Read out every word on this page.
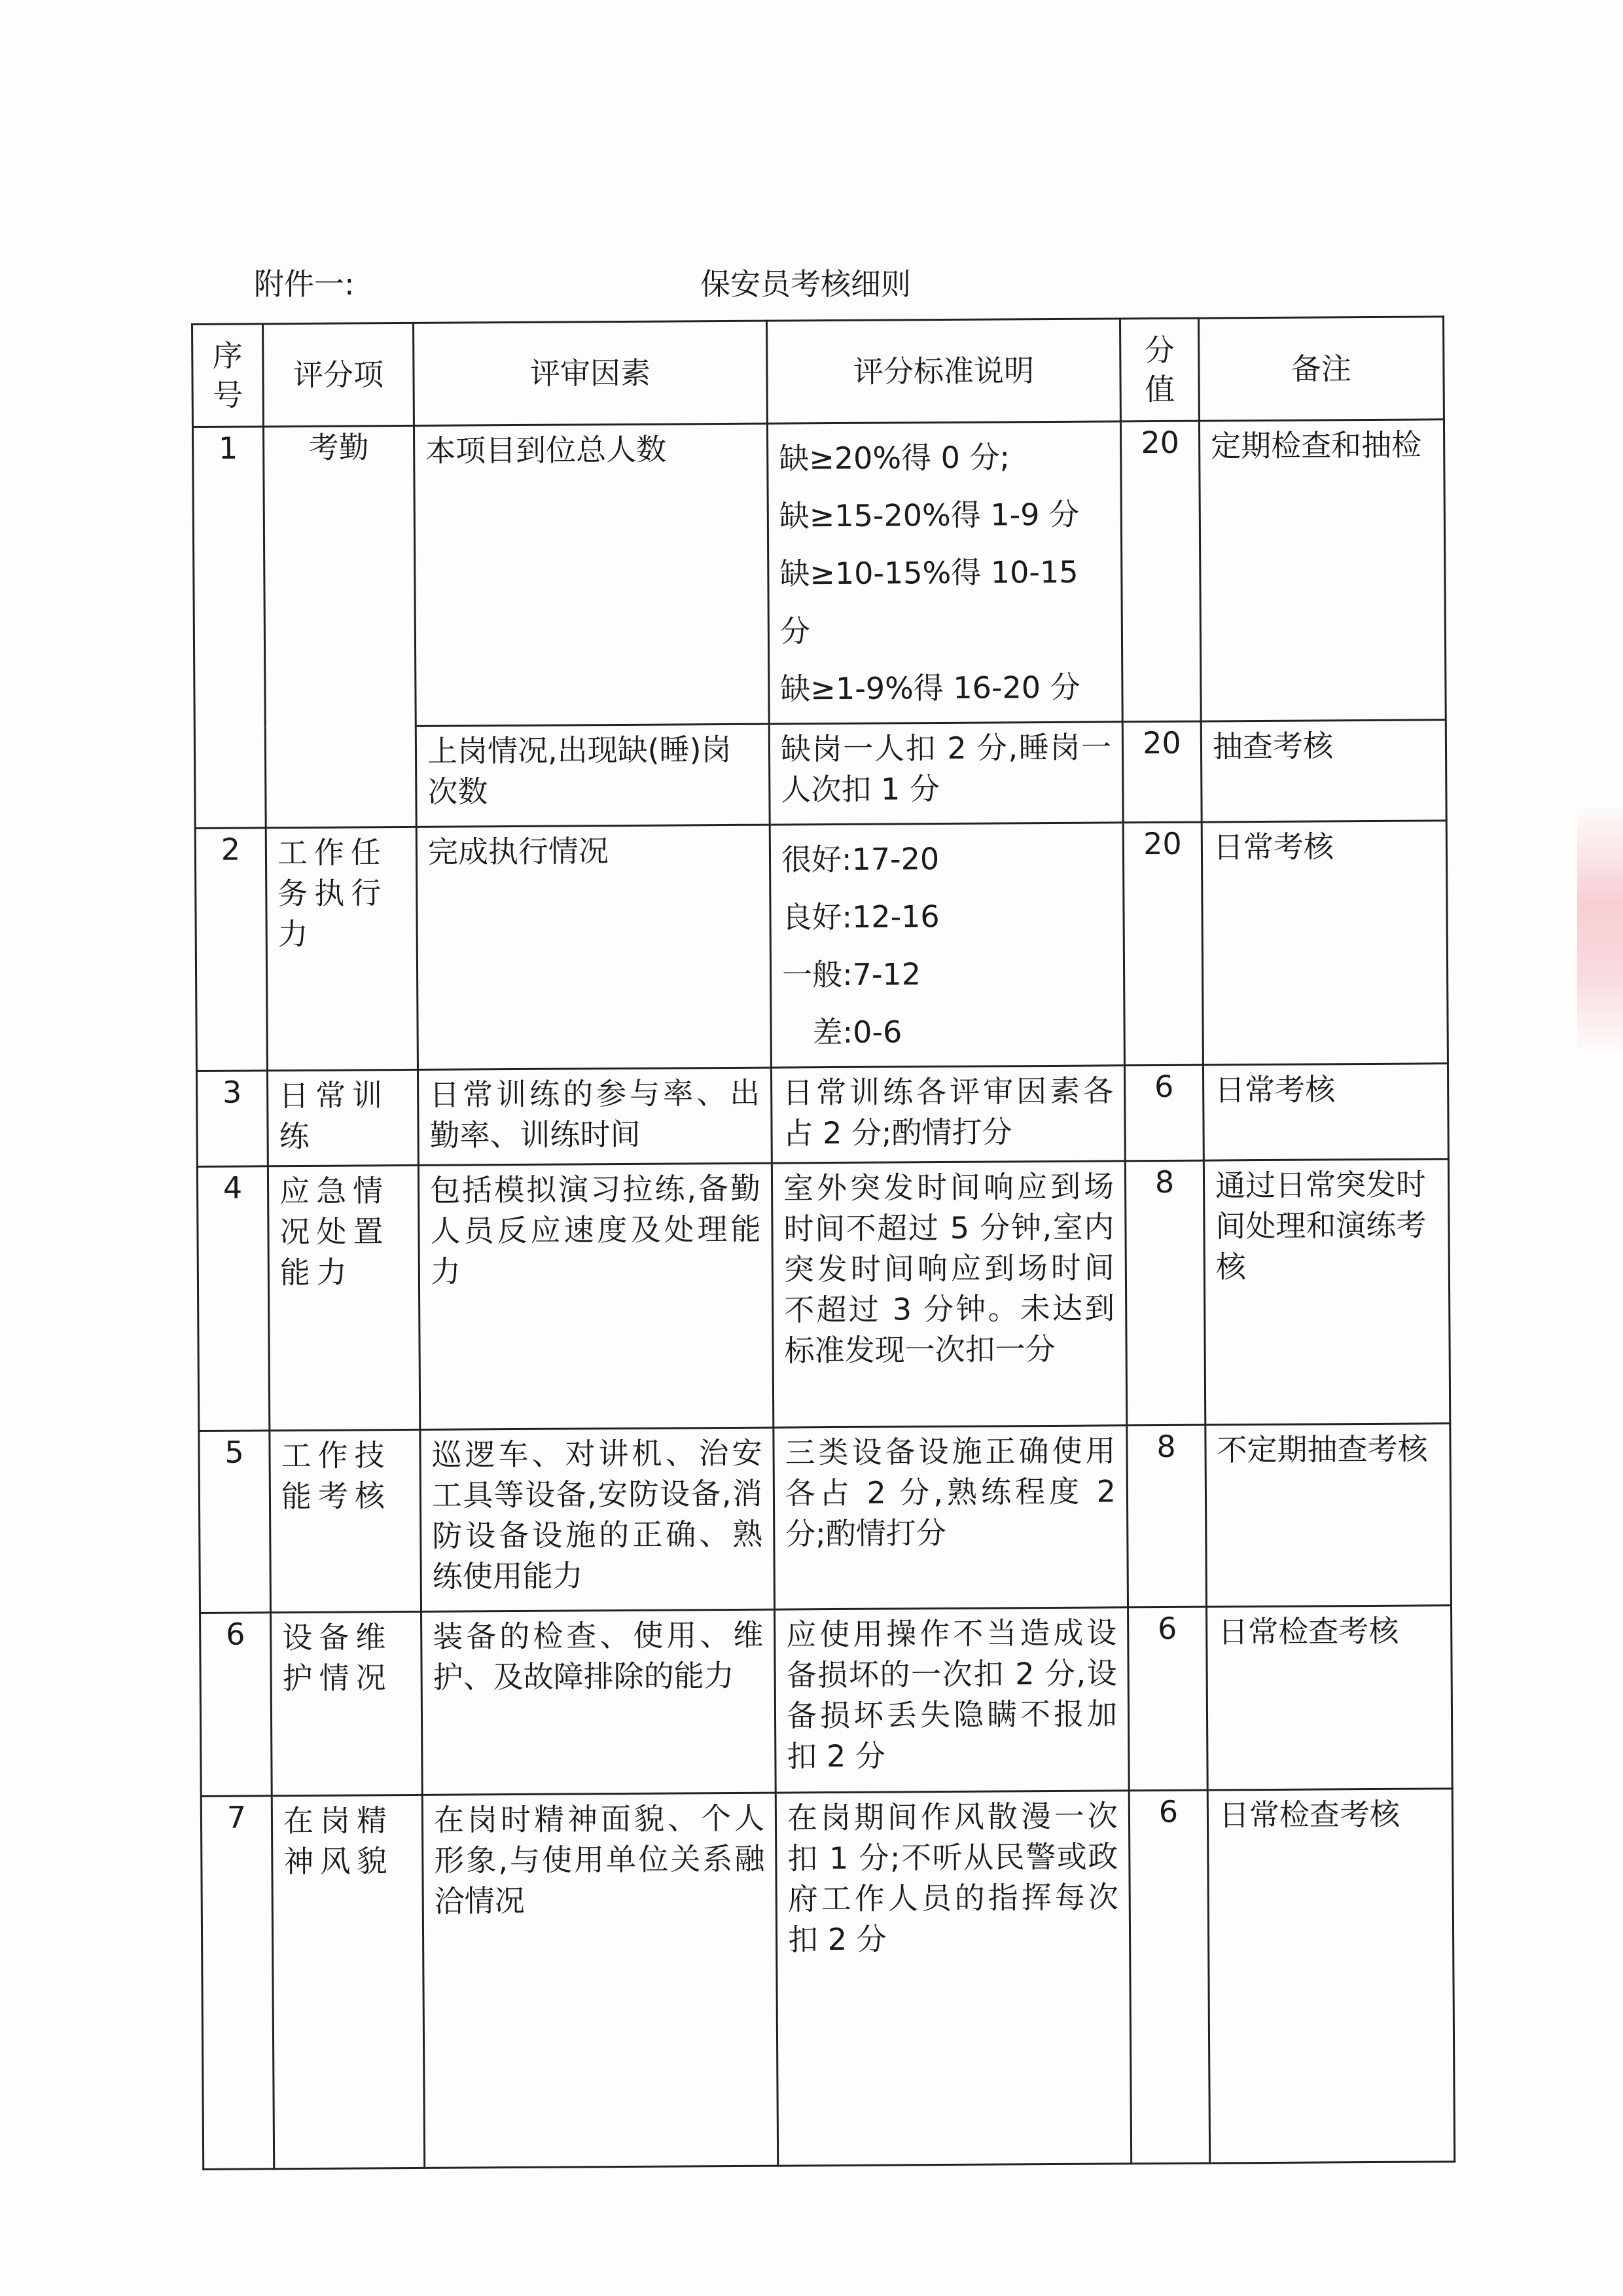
附件一:	保安员考核细则
序号	评分项	评审因素	评分标准说明	分值	备注
1	考勤	本项目到位总人数	缺≥20%得 0 分;
缺≥15-20%得 1-9 分
缺≥10-15%得 10-15 分
缺≥1-9%得 16-20 分	20	定期检查和抽检

		上岗情况,出现缺(睡)岗次数	缺岗一人扣 2 分,睡岗一人次扣 1 分	20	抽查考核

2	工作任务执行力	完成执行情况	很好:17-20
良好:12-16
一般:7-12
差:0-6	20	日常考核

3	日常训练	日常训练的参与率、出勤率、训练时间	日常训练各评审因素各占 2 分;酌情打分	6	日常考核

4	应急情况处置能力	包括模拟演习拉练,备勤人员反应速度及处理能力	室外突发时间响应到场时间不超过 5 分钟,室内突发时间响应到场时间不超过 3 分钟。未达到标准发现一次扣一分	8	通过日常突发时间处理和演练考核

5	工作技能考核	巡逻车、对讲机、治安工具等设备,安防设备,消防设备设施的正确、熟练使用能力	三类设备设施正确使用各占 2 分,熟练程度 2 分;酌情打分	8	不定期抽查考核

6	设备维护情况	装备的检查、使用、维护、及故障排除的能力	应使用操作不当造成设备损坏的一次扣 2 分,设备损坏丢失隐瞒不报加扣 2 分	6	日常检查考核

7	在岗精神风貌	在岗时精神面貌、个人形象,与使用单位关系融洽情况	在岗期间作风散漫一次扣 1 分;不听从民警或政府工作人员的指挥每次扣 2 分	6	日常检查考核
